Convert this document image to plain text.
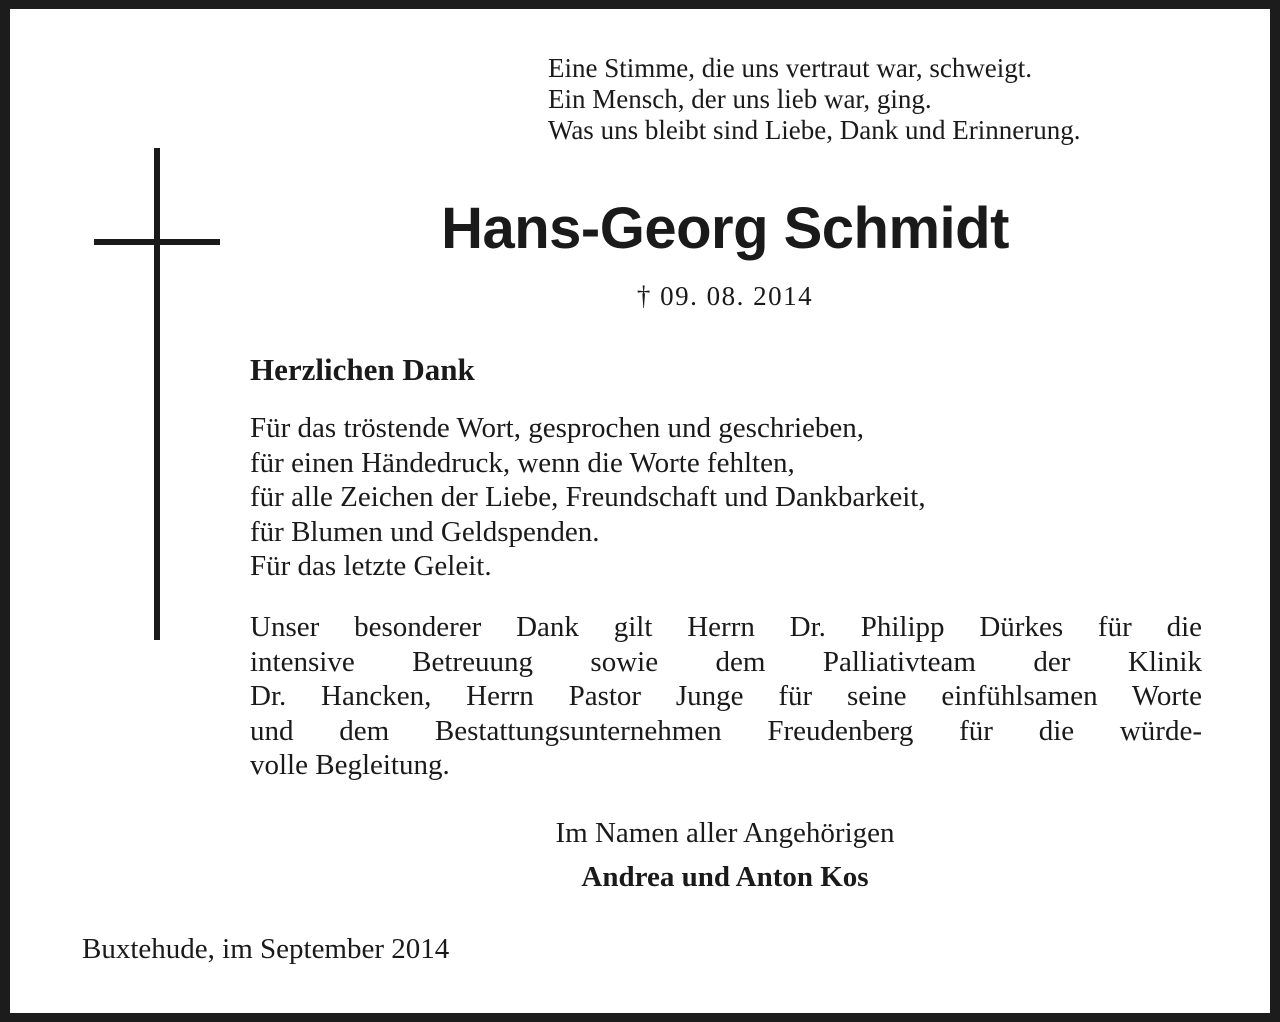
Eine Stimme, die uns vertraut war, schweigt.
Ein Mensch, der uns lieb war, ging.
Was uns bleibt sind Liebe, Dank und Erinnerung.
Hans-Georg Schmidt
† 09. 08. 2014
Herzlichen Dank
Für das tröstende Wort, gesprochen und geschrieben,
für einen Händedruck, wenn die Worte fehlten,
für alle Zeichen der Liebe, Freundschaft und Dankbarkeit,
für Blumen und Geldspenden.
Für das letzte Geleit.
Unser besonderer Dank gilt Herrn Dr. Philipp Dürkes für die
intensive Betreuung sowie dem Palliativteam der Klinik
Dr. Hancken, Herrn Pastor Junge für seine einfühlsamen Worte
und dem Bestattungsunternehmen Freudenberg für die würde-
volle Begleitung.
Im Namen aller Angehörigen
Andrea und Anton Kos
Buxtehude, im September 2014
